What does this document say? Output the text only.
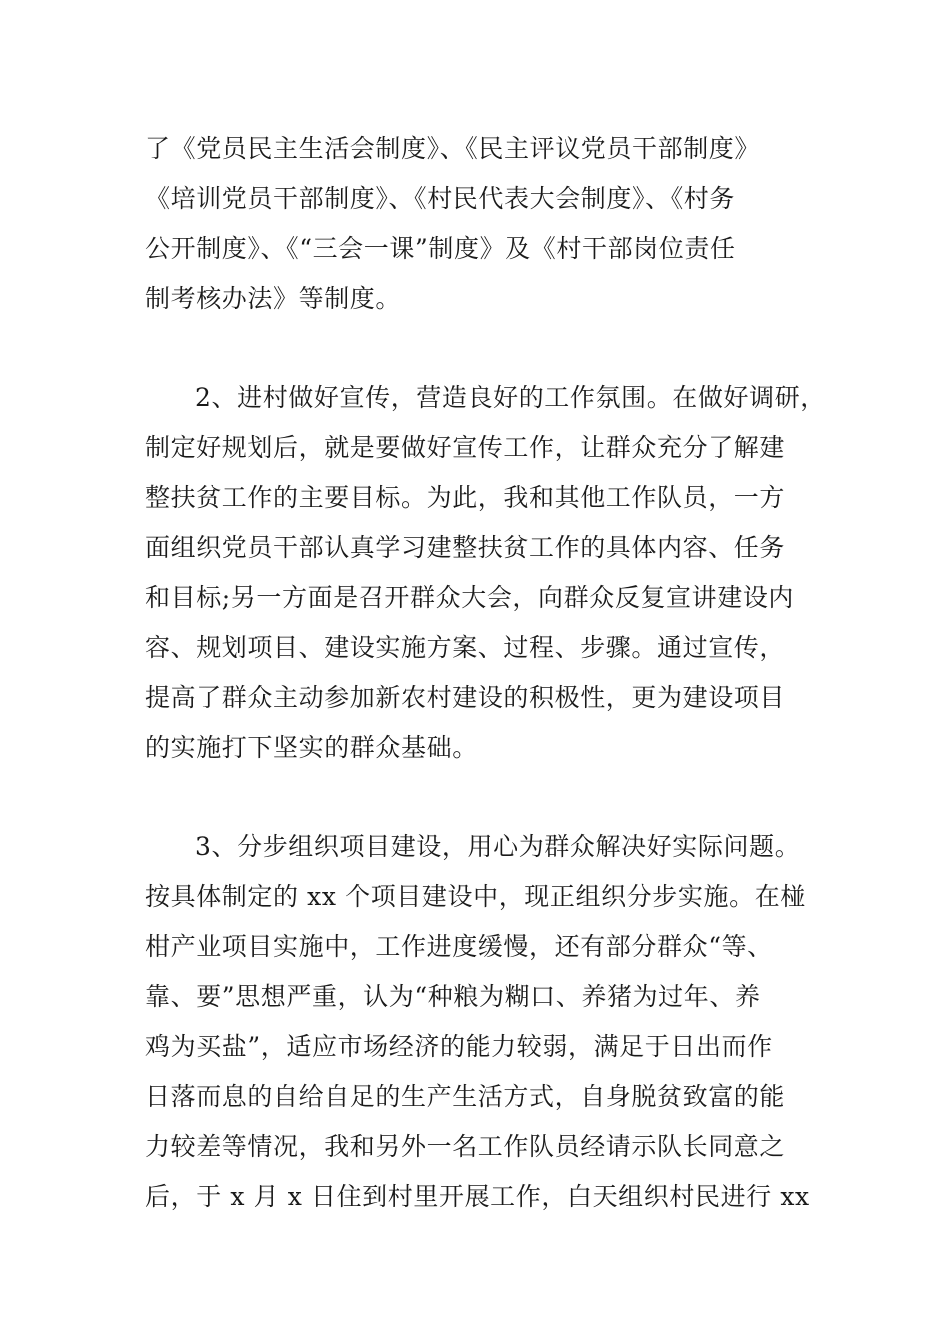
了《党员民主生活会制度》、《民主评议党员干部制度》
《培训党员干部制度》、《村民代表大会制度》、《村务
公开制度》、《“三会一课”制度》及《村干部岗位责任
制考核办法》等制度。
2、进村做好宣传，营造良好的工作氛围。在做好调研，
制定好规划后，就是要做好宣传工作，让群众充分了解建
整扶贫工作的主要目标。为此，我和其他工作队员，一方
面组织党员干部认真学习建整扶贫工作的具体内容、任务
和目标;另一方面是召开群众大会，向群众反复宣讲建设内
容、规划项目、建设实施方案、过程、步骤。通过宣传，
提高了群众主动参加新农村建设的积极性，更为建设项目
的实施打下坚实的群众基础。
3、分步组织项目建设，用心为群众解决好实际问题。
按具体制定的 xx 个项目建设中，现正组织分步实施。在椪
柑产业项目实施中，工作进度缓慢，还有部分群众“等、
靠、要”思想严重，认为“种粮为糊口、养猪为过年、养
鸡为买盐”，适应市场经济的能力较弱，满足于日出而作
日落而息的自给自足的生产生活方式，自身脱贫致富的能
力较差等情况，我和另外一名工作队员经请示队长同意之
后，于 x 月 x 日住到村里开展工作，白天组织村民进行 xx
